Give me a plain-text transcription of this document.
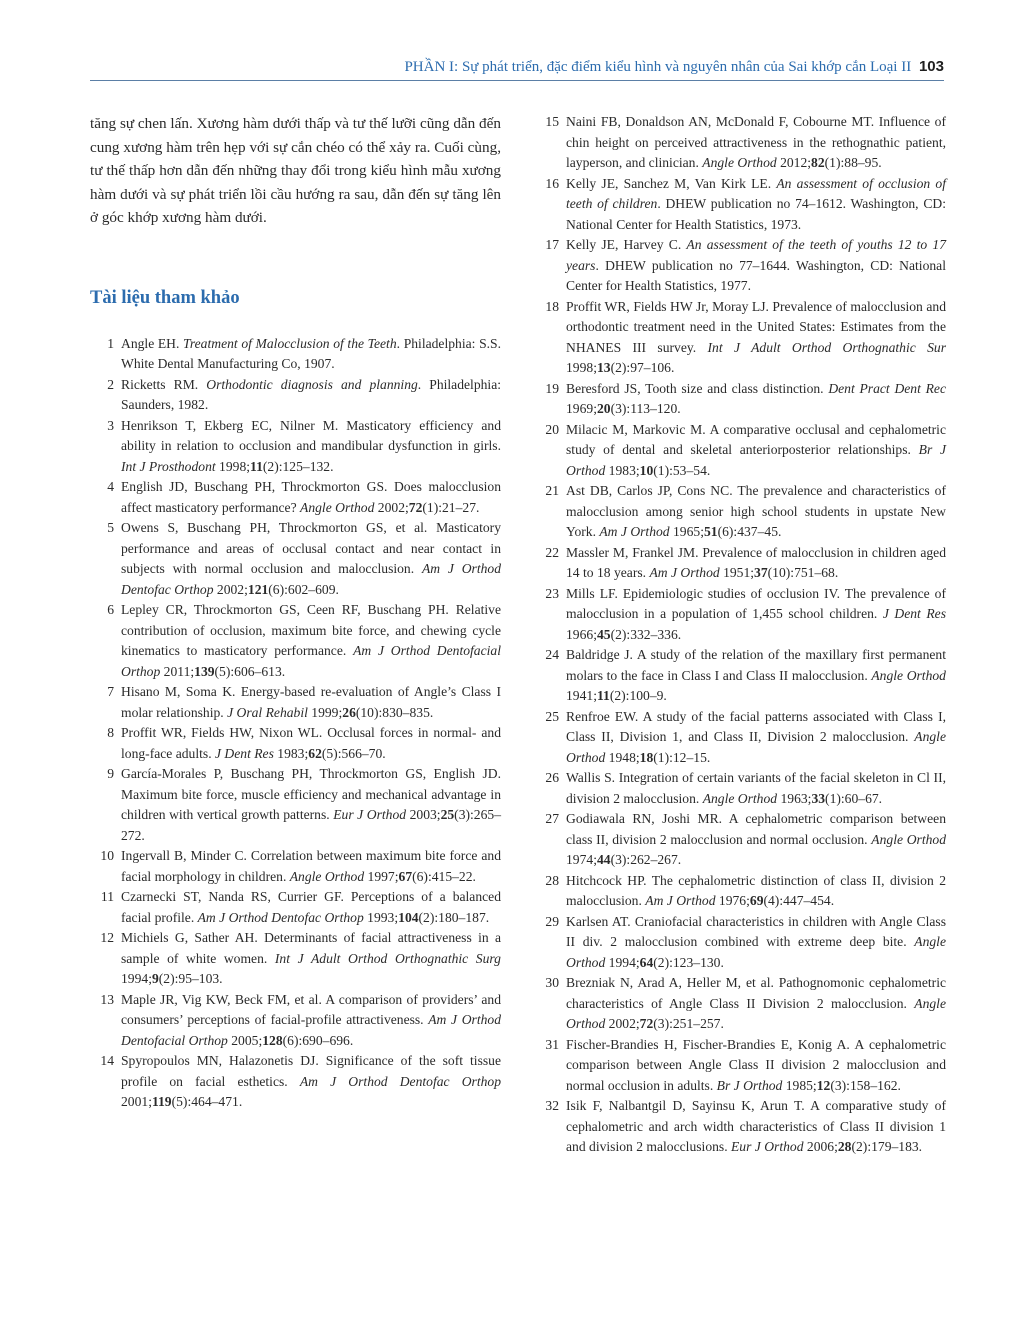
PHẦN I: Sự phát triển, đặc điểm kiểu hình và nguyên nhân của Sai khớp cắn Loại II 103

tăng sự chen lấn. Xương hàm dưới thấp và tư thế lưỡi cũng dẫn đến cung xương hàm trên hẹp với sự cắn chéo có thể xảy ra. Cuối cùng, tư thế thấp hơn dẫn đến những thay đổi trong kiểu hình mẫu xương hàm dưới và sự phát triển lồi cầu hướng ra sau, dẫn đến sự tăng lên ở góc khớp xương hàm dưới.

Tài liệu tham khảo
1 Angle EH. Treatment of Malocclusion of the Teeth. Philadelphia: S.S. White Dental Manufacturing Co, 1907.
2 Ricketts RM. Orthodontic diagnosis and planning. Philadelphia: Saunders, 1982.
3 Henrikson T, Ekberg EC, Nilner M. Masticatory efficiency and ability in relation to occlusion and mandibular dysfunction in girls. Int J Prosthodont 1998;11(2):125–132.
4 English JD, Buschang PH, Throckmorton GS. Does malocclusion affect masticatory performance? Angle Orthod 2002;72(1):21–27.
5 Owens S, Buschang PH, Throckmorton GS, et al. Masticatory performance and areas of occlusal contact and near contact in subjects with normal occlusion and malocclusion. Am J Orthod Dentofac Orthop 2002;121(6):602–609.
6 Lepley CR, Throckmorton GS, Ceen RF, Buschang PH. Relative contribution of occlusion, maximum bite force, and chewing cycle kinematics to masticatory performance. Am J Orthod Dentofacial Orthop 2011;139(5):606–613.
7 Hisano M, Soma K. Energy-based re-evaluation of Angle’s Class I molar relationship. J Oral Rehabil 1999;26(10):830–835.
8 Proffit WR, Fields HW, Nixon WL. Occlusal forces in normal- and long-face adults. J Dent Res 1983;62(5):566–70.
9 García-Morales P, Buschang PH, Throckmorton GS, English JD. Maximum bite force, muscle efficiency and mechanical advantage in children with vertical growth patterns. Eur J Orthod 2003;25(3):265–272.
10 Ingervall B, Minder C. Correlation between maximum bite force and facial morphology in children. Angle Orthod 1997;67(6):415–22.
11 Czarnecki ST, Nanda RS, Currier GF. Perceptions of a balanced facial profile. Am J Orthod Dentofac Orthop 1993;104(2):180–187.
12 Michiels G, Sather AH. Determinants of facial attractiveness in a sample of white women. Int J Adult Orthod Orthognathic Surg 1994;9(2):95–103.
13 Maple JR, Vig KW, Beck FM, et al. A comparison of providers’ and consumers’ perceptions of facial-profile attractiveness. Am J Orthod Dentofacial Orthop 2005;128(6):690–696.
14 Spyropoulos MN, Halazonetis DJ. Significance of the soft tissue profile on facial esthetics. Am J Orthod Dentofac Orthop 2001;119(5):464–471.
15 Naini FB, Donaldson AN, McDonald F, Cobourne MT. Influence of chin height on perceived attractiveness in the rethognathic patient, layperson, and clinician. Angle Orthod 2012;82(1):88–95.
16 Kelly JE, Sanchez M, Van Kirk LE. An assessment of occlusion of teeth of children. DHEW publication no 74–1612. Washington, CD: National Center for Health Statistics, 1973.
17 Kelly JE, Harvey C. An assessment of the teeth of youths 12 to 17 years. DHEW publication no 77–1644. Washington, CD: National Center for Health Statistics, 1977.
18 Proffit WR, Fields HW Jr, Moray LJ. Prevalence of malocclusion and orthodontic treatment need in the United States: Estimates from the NHANES III survey. Int J Adult Orthod Orthognathic Sur 1998;13(2):97–106.
19 Beresford JS, Tooth size and class distinction. Dent Pract Dent Rec 1969;20(3):113–120.
20 Milacic M, Markovic M. A comparative occlusal and cephalometric study of dental and skeletal anteriorposterior relationships. Br J Orthod 1983;10(1):53–54.
21 Ast DB, Carlos JP, Cons NC. The prevalence and characteristics of malocclusion among senior high school students in upstate New York. Am J Orthod 1965;51(6):437–45.
22 Massler M, Frankel JM. Prevalence of malocclusion in children aged 14 to 18 years. Am J Orthod 1951;37(10):751–68.
23 Mills LF. Epidemiologic studies of occlusion IV. The prevalence of malocclusion in a population of 1,455 school children. J Dent Res 1966;45(2):332–336.
24 Baldridge J. A study of the relation of the maxillary first permanent molars to the face in Class I and Class II malocclusion. Angle Orthod 1941;11(2):100–9.
25 Renfroe EW. A study of the facial patterns associated with Class I, Class II, Division 1, and Class II, Division 2 malocclusion. Angle Orthod 1948;18(1):12–15.
26 Wallis S. Integration of certain variants of the facial skeleton in Cl II, division 2 malocclusion. Angle Orthod 1963;33(1):60–67.
27 Godiawala RN, Joshi MR. A cephalometric comparison between class II, division 2 malocclusion and normal occlusion. Angle Orthod 1974;44(3):262–267.
28 Hitchcock HP. The cephalometric distinction of class II, division 2 malocclusion. Am J Orthod 1976;69(4):447–454.
29 Karlsen AT. Craniofacial characteristics in children with Angle Class II div. 2 malocclusion combined with extreme deep bite. Angle Orthod 1994;64(2):123–130.
30 Brezniak N, Arad A, Heller M, et al. Pathognomonic cephalometric characteristics of Angle Class II Division 2 malocclusion. Angle Orthod 2002;72(3):251–257.
31 Fischer-Brandies H, Fischer-Brandies E, Konig A. A cephalometric comparison between Angle Class II division 2 malocclusion and normal occlusion in adults. Br J Orthod 1985;12(3):158–162.
32 Isik F, Nalbantgil D, Sayinsu K, Arun T. A comparative study of cephalometric and arch width characteristics of Class II division 1 and division 2 malocclusions. Eur J Orthod 2006;28(2):179–183.
